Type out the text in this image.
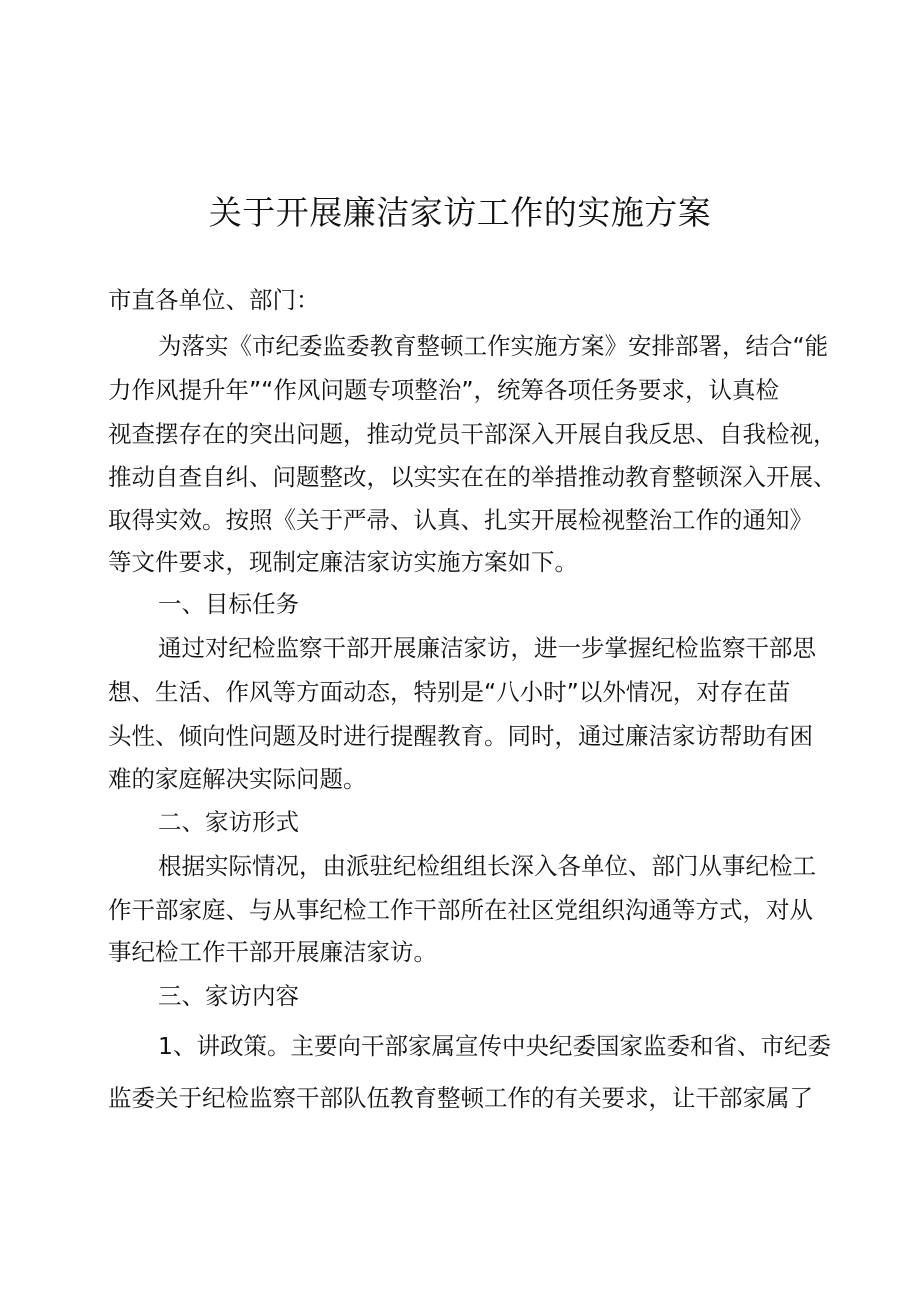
关于开展廉洁家访工作的实施方案
市直各单位、部门：
为落实《市纪委监委教育整顿工作实施方案》安排部署，结合“能
力作风提升年”“作风问题专项整治”，统筹各项任务要求，认真检
视查摆存在的突出问题，推动党员干部深入开展自我反思、自我检视，
推动自查自纠、问题整改，以实实在在的举措推动教育整顿深入开展、
取得实效。按照《关于严帚、认真、扎实开展检视整治工作的通知》
等文件要求，现制定廉洁家访实施方案如下。
一、目标任务
通过对纪检监察干部开展廉洁家访，进一步掌握纪检监察干部思
想、生活、作风等方面动态，特别是“八小时”以外情况，对存在苗
头性、倾向性问题及时进行提醒教育。同时，通过廉洁家访帮助有困
难的家庭解决实际问题。
二、家访形式
根据实际情况，由派驻纪检组组长深入各单位、部门从事纪检工
作干部家庭、与从事纪检工作干部所在社区党组织沟通等方式，对从
事纪检工作干部开展廉洁家访。
三、家访内容
1、讲政策。主要向干部家属宣传中央纪委国家监委和省、市纪委
监委关于纪检监察干部队伍教育整顿工作的有关要求，让干部家属了
